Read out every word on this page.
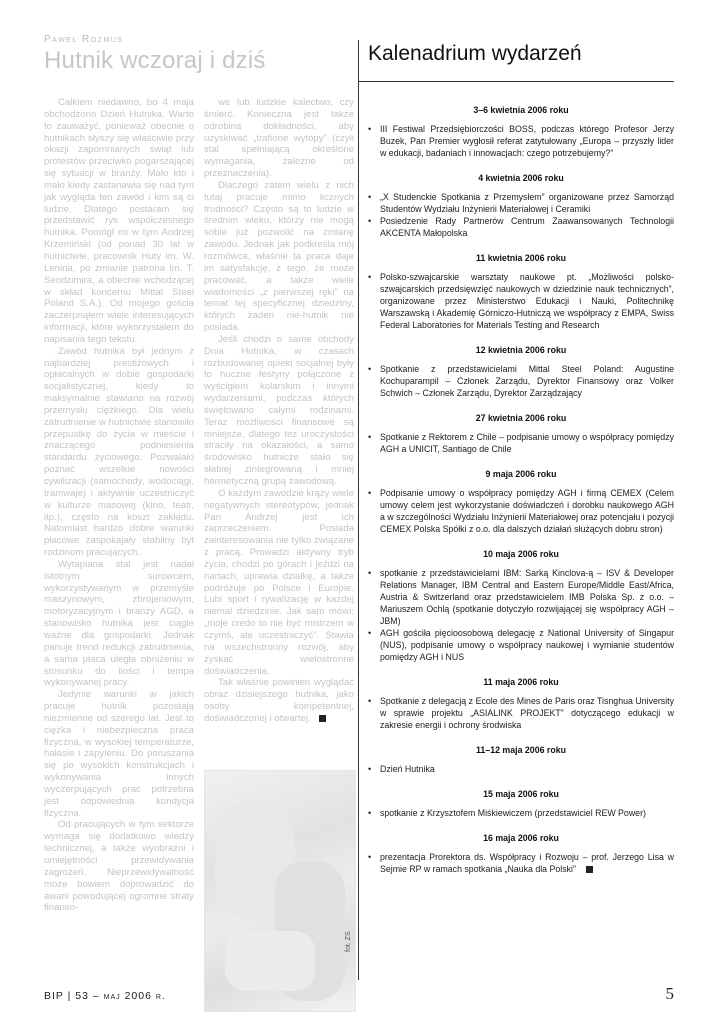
Paweł Rozmus
Hutnik wczoraj i dziś

Całkiem niedawno, bo 4 maja obchodzono Dzień Hutnika. Warto to zauważyć, ponieważ obecnie o hutnikach słyszy się właściwie przy okazji zapomnianych świąt lub protestów przeciwko pogarszającej się sytuacji w branży. Mało kto i mało kiedy zastanawia się nad tym jak wygląda ten zawód i kim są ci ludzie. Dlatego postaram się przedstawić rys współczesnego hutnika. Pomógł mi w tym Andrzej Krzemiński (od ponad 30 lat w hutnictwie, pracownik Huty im. W. Lenina, po zmianie patrona im. T. Sendzimira, a obecnie wchodzącej w skład koncernu Mittal Steel Poland S.A.). Od mojego gościa zaczerpnąłem wiele interesujących informacji, które wykorzystałem do napisania tego tekstu.

Zawód hutnika był jednym z najbardziej prestiżowych i opłacalnych w dobie gospodarki socjalistycznej, kiedy to maksymalnie stawiano na rozwój przemysłu ciężkiego. Dla wielu zatrudnienie w hutnictwie stanowiło przepustkę do życia w mieście i znaczącego podniesienia standardu życiowego. Pozwalało poznać wszelkie nowości cywilizacji (samochody, wodociągi, tramwaje) i aktywnie uczestniczyć w kulturze masowej (kino, teatr, itp.), często na koszt zakładu. Natomiast bardzo dobre warunki płacowe zaspokajały stabilny byt rodzinom pracujących.

Wytapiana stal jest nadal istotnym surowcem, wykorzystywanym w przemyśle maszynowym, zbrojeniowym, motoryzacyjnym i branży AGD, a stanowisko hutnika jest ciągle ważne dla gospodarki. Jednak panuje trend redukcji zatrudnienia, a sama płaca uległa obniżeniu w stosunku do ilości i tempa wykonywanej pracy.

Jedynie warunki w jakich pracuje hutnik pozostają niezmienne od szeregu lat. Jest to ciężka i niebezpieczna praca fizyczna, w wysokiej temperaturze, hałasie i zapyleniu. Do poruszania się po wysokich konstrukcjach i wykonywania innych wyczerpujących prac potrzebna jest odpowiednia kondycja fizyczna.

Od pracujących w tym sektorze wymaga się dodatkowo wiedzy technicznej, a także wyobraźni i umiejętności przewidywania zagrożeń. Nieprzewidywalność może bowiem doprowadzić do awarii powodującej ogromne straty finanso-

we lub ludzkie kalectwo, czy śmierć. Konieczna jest także odrobina dokładności, aby uzyskiwać „trafione wytopy” (czyli stal spełniającą określone wymagania, zależne od przeznaczenia).

Dlaczego zatem wielu z nich tutaj pracuje mimo licznych trudności? Często są to ludzie w średnim wieku, którzy nie mogą sobie już pozwolić na zmianę zawodu. Jednak jak podkreśla mój rozmówca, właśnie ta praca daje im satysfakcję, z tego, że może pracować, a także wiele wiadomości „z pierwszej ręki” na temat tej specyficznej dziedziny, których żaden nie-hutnik nie posiada.

Jeśli chodzi o same obchody Dnia Hutnika, w czasach rozbudowanej opieki socjalnej były to huczne festyny połączone z wyścigiem kolarskim i innymi wydarzeniami, podczas których świętowano całymi rodzinami. Teraz możliwości finansowe są mniejsze, dlatego też uroczystości straciły na okazałości, a samo środowisko hutnicze stało się słabiej zintegrowaną i mniej hermetyczną grupą zawodową.

O każdym zawodzie krąży wiele negatywnych stereotypów, jednak Pan Andrzej jest ich zaprzeczeniem. Posiada zainteresowania nie tylko związane z pracą. Prowadzi aktywny tryb życia, chodzi po górach i jeździ na nartach, uprawia działkę, a także podróżuje po Polsce i Europie. Lubi sport i rywalizację w każdej niemal dziedzinie. Jak sam mówi: „moje credo to nie być mistrzem w czymś, ale uczestniczyć”. Stawia na wszechstronny rozwój, aby zyskać wielostronne doświadczenia.

Tak właśnie powinien wyglądać obraz dzisiejszego hutnika, jako osoby kompetentnej, doświadczonej i otwartej.

fot. ZS
Kalenadrium wydarzeń
3–6 kwietnia 2006 roku
• III Festiwal Przedsiębiorczości BOSS, podczas którego Profesor Jerzy Buzek, Pan Premier wygłosił referat zatytułowany „Europa – przyszły lider w edukacji, badaniach i innowacjach: czego potrzebujemy?”
4 kwietnia 2006 roku
• „X Studenckie Spotkania z Przemysłem” organizowane przez Samorząd Studentów Wydziału Inżynierii Materiałowej i Ceramiki
• Posiedzenie Rady Partnerów Centrum Zaawansowanych Technologii AKCENTA Małopolska
11 kwietnia 2006 roku
• Polsko-szwajcarskie warsztaty naukowe pt. „Możliwości polsko-szwajcarskich przedsięwzięć naukowych w dziedzinie nauk technicznych”, organizowane przez Ministerstwo Edukacji i Nauki, Politechnikę Warszawską i Akademię Górniczo-Hutniczą we współpracy z EMPA, Swiss Federal Laboratories for Materials Testing and Research
12 kwietnia 2006 roku
• Spotkanie z przedstawicielami Mittal Steel Poland: Augustine Kochuparampil – Członek Zarządu, Dyrektor Finansowy oraz Volker Schwich – Członek Zarządu, Dyrektor Zarządzający
27 kwietnia 2006 roku
• Spotkanie z Rektorem z Chile – podpisanie umowy o współpracy pomiędzy AGH a UNICIT, Santiago de Chile
9 maja 2006 roku
• Podpisanie umowy o współpracy pomiędzy AGH i firmą CEMEX (Celem umowy celem jest wykorzystanie doświadczeń i dorobku naukowego AGH a w szczególności Wydziału Inżynierii Materiałowej oraz potencjału i pozycji CEMEX Polska Spółki z o.o. dla dalszych działań służących dobru stron)
10 maja 2006 roku
• spotkanie z przedstawicielami IBM: Sarką Kinclova-ą – ISV & Developer Relations Manager, IBM Central and Eastern Europe/Middle East/Africa, Austria & Switzerland oraz przedstawicielem IMB Polska Sp. z o.o. – Mariuszem Ochlą (spotkanie dotyczyło rozwijającej się współpracy AGH – JBM)
• AGH gościła pięcioosobową delegację z National University of Singapur (NUS), podpisanie umowy o współpracy naukowej i wymianie studentów pomiędzy AGH i NUS
11 maja 2006 roku
• Spotkanie z delegacją z Ecole des Mines de Paris oraz Tisnghua University w sprawie projektu „ASIALINK PROJEKT” dotyczącego edukacji w zakresie energii i ochrony środwiska
11–12 maja 2006 roku
• Dzień Hutnika
15 maja 2006 roku
• spotkanie z Krzysztofem Miśkiewiczem (przedstawiciel REW Power)
16 maja 2006 roku
• prezentacja Prorektora ds. Współpracy i Rozwoju – prof. Jerzego Lisa w Sejmie RP w ramach spotkania „Nauka dla Polski”
BIP | 53 – maj 2006 r.	5
